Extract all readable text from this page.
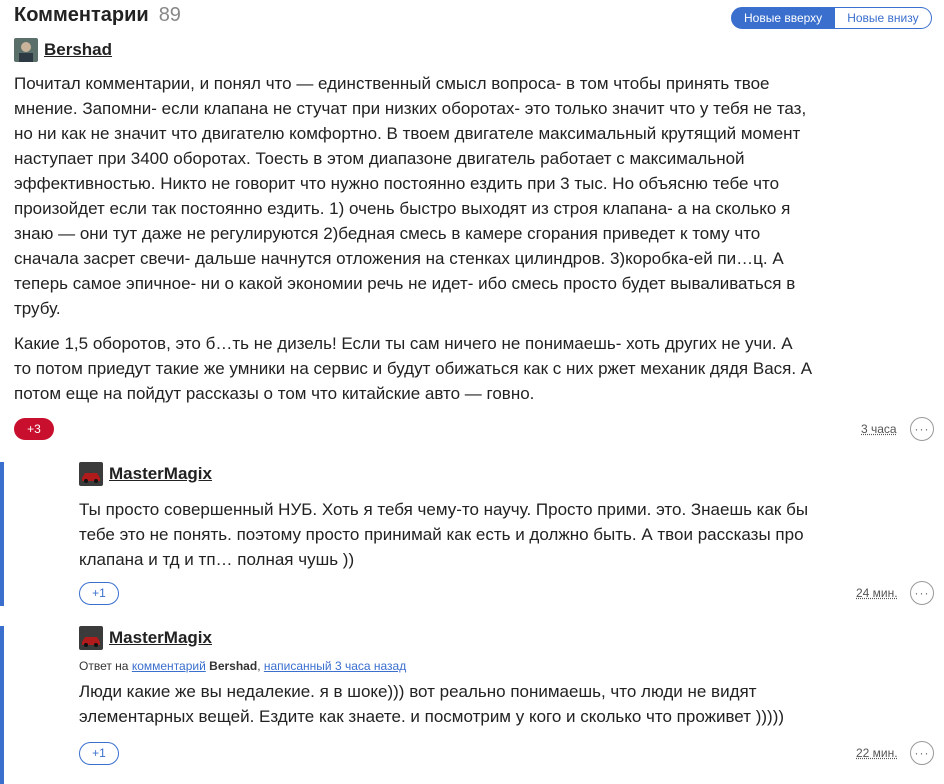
Комментарии 89	Новые вверху	Новые внизу
Bershad

Почитал комментарии, и понял что — единственный смысл вопроса- в том чтобы принять твое мнение. Запомни- если клапана не стучат при низких оборотах- это только значит что у тебя не таз, но ни как не значит что двигателю комфортно. В твоем двигателе максимальный крутящий момент наступает при 3400 оборотах. Тоесть в этом диапазоне двигатель работает с максимальной эффективностью. Никто не говорит что нужно постоянно ездить при 3 тыс. Но объясню тебе что произойдет если так постоянно ездить. 1) очень быстро выходят из строя клапана- а на сколько я знаю — они тут даже не регулируются 2)бедная смесь в камере сгорания приведет к тому что сначала засрет свечи- дальше начнутся отложения на стенках цилиндров. 3)коробка-ей пи…ц. А теперь самое эпичное- ни о какой экономии речь не идет- ибо смесь просто будет вываливаться в трубу.

Какие 1,5 оборотов, это б…ть не дизель! Если ты сам ничего не понимаешь- хоть других не учи. А то потом приедут такие же умники на сервис и будут обижаться как с них ржет механик дядя Вася. А потом еще на пойдут рассказы о том что китайские авто — говно.

+3	3 часа	···
MasterMagix

Ты просто совершенный НУБ. Хоть я тебя чему-то научу. Просто прими. это. Знаешь как бы тебе это не понять. поэтому просто принимай как есть и должно быть. А твои рассказы про клапана и тд и тп… полная чушь ))

+1	24 мин.	···
MasterMagix
Ответ на комментарий Bershad, написанный 3 часа назад

Люди какие же вы недалекие. я в шоке))) вот реально понимаешь, что люди не видят элементарных вещей. Ездите как знаете. и посмотрим у кого и сколько что проживет )))))

+1	22 мин.	···
